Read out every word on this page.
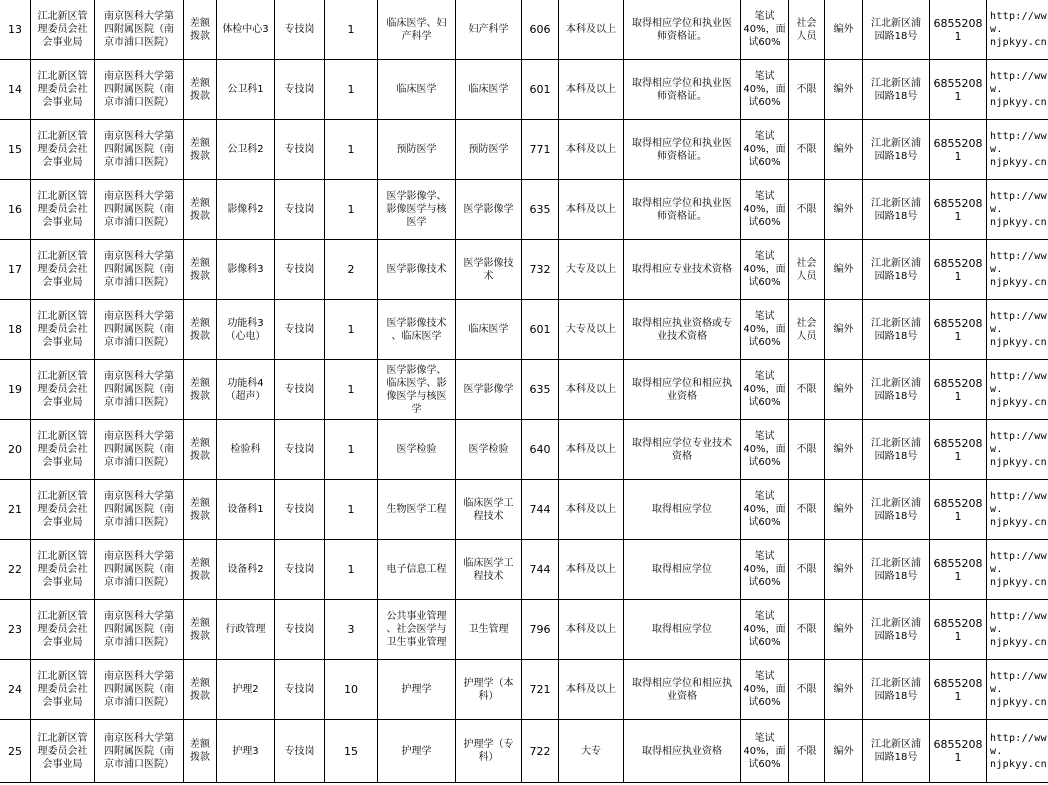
13	江北新区管
理委员会社
会事业局	南京医科大学第
四附属医院（南
京市浦口医院）	差额
拨款	体检中心3	专技岗	1	临床医学、妇
产科学	妇产科学	606	本科及以上	取得相应学位和执业医
师资格证。	笔试
40%，面
试60%	社会
人员	编外	江北新区浦
园路18号	68552081	http://www.
njpkyy.cn
14	江北新区管
理委员会社
会事业局	南京医科大学第
四附属医院（南
京市浦口医院）	差额
拨款	公卫科1	专技岗	1	临床医学	临床医学	601	本科及以上	取得相应学位和执业医
师资格证。	笔试
40%，面
试60%	不限	编外	江北新区浦
园路18号	68552081	http://www.
njpkyy.cn
15	江北新区管
理委员会社
会事业局	南京医科大学第
四附属医院（南
京市浦口医院）	差额
拨款	公卫科2	专技岗	1	预防医学	预防医学	771	本科及以上	取得相应学位和执业医
师资格证。	笔试
40%，面
试60%	不限	编外	江北新区浦
园路18号	68552081	http://www.
njpkyy.cn
16	江北新区管
理委员会社
会事业局	南京医科大学第
四附属医院（南
京市浦口医院）	差额
拨款	影像科2	专技岗	1	医学影像学、
影像医学与核
医学	医学影像学	635	本科及以上	取得相应学位和执业医
师资格证。	笔试
40%，面
试60%	不限	编外	江北新区浦
园路18号	68552081	http://www.
njpkyy.cn
17	江北新区管
理委员会社
会事业局	南京医科大学第
四附属医院（南
京市浦口医院）	差额
拨款	影像科3	专技岗	2	医学影像技术	医学影像技
术	732	大专及以上	取得相应专业技术资格	笔试
40%，面
试60%	社会
人员	编外	江北新区浦
园路18号	68552081	http://www.
njpkyy.cn
18	江北新区管
理委员会社
会事业局	南京医科大学第
四附属医院（南
京市浦口医院）	差额
拨款	功能科3
（心电）	专技岗	1	医学影像技术
、临床医学	临床医学	601	大专及以上	取得相应执业资格或专
业技术资格	笔试
40%，面
试60%	社会
人员	编外	江北新区浦
园路18号	68552081	http://www.
njpkyy.cn
19	江北新区管
理委员会社
会事业局	南京医科大学第
四附属医院（南
京市浦口医院）	差额
拨款	功能科4
（超声）	专技岗	1	医学影像学、
临床医学、影
像医学与核医
学	医学影像学	635	本科及以上	取得相应学位和相应执
业资格	笔试
40%，面
试60%	不限	编外	江北新区浦
园路18号	68552081	http://www.
njpkyy.cn
20	江北新区管
理委员会社
会事业局	南京医科大学第
四附属医院（南
京市浦口医院）	差额
拨款	检验科	专技岗	1	医学检验	医学检验	640	本科及以上	取得相应学位专业技术
资格	笔试
40%，面
试60%	不限	编外	江北新区浦
园路18号	68552081	http://www.
njpkyy.cn
21	江北新区管
理委员会社
会事业局	南京医科大学第
四附属医院（南
京市浦口医院）	差额
拨款	设备科1	专技岗	1	生物医学工程	临床医学工
程技术	744	本科及以上	取得相应学位	笔试
40%，面
试60%	不限	编外	江北新区浦
园路18号	68552081	http://www.
njpkyy.cn
22	江北新区管
理委员会社
会事业局	南京医科大学第
四附属医院（南
京市浦口医院）	差额
拨款	设备科2	专技岗	1	电子信息工程	临床医学工
程技术	744	本科及以上	取得相应学位	笔试
40%，面
试60%	不限	编外	江北新区浦
园路18号	68552081	http://www.
njpkyy.cn
23	江北新区管
理委员会社
会事业局	南京医科大学第
四附属医院（南
京市浦口医院）	差额
拨款	行政管理	专技岗	3	公共事业管理
、社会医学与
卫生事业管理	卫生管理	796	本科及以上	取得相应学位	笔试
40%，面
试60%	不限	编外	江北新区浦
园路18号	68552081	http://www.
njpkyy.cn
24	江北新区管
理委员会社
会事业局	南京医科大学第
四附属医院（南
京市浦口医院）	差额
拨款	护理2	专技岗	10	护理学	护理学（本
科）	721	本科及以上	取得相应学位和相应执
业资格	笔试
40%，面
试60%	不限	编外	江北新区浦
园路18号	68552081	http://www.
njpkyy.cn
25	江北新区管
理委员会社
会事业局	南京医科大学第
四附属医院（南
京市浦口医院）	差额
拨款	护理3	专技岗	15	护理学	护理学（专
科）	722	大专	取得相应执业资格	笔试
40%，面
试60%	不限	编外	江北新区浦
园路18号	68552081	http://www.
njpkyy.cn
